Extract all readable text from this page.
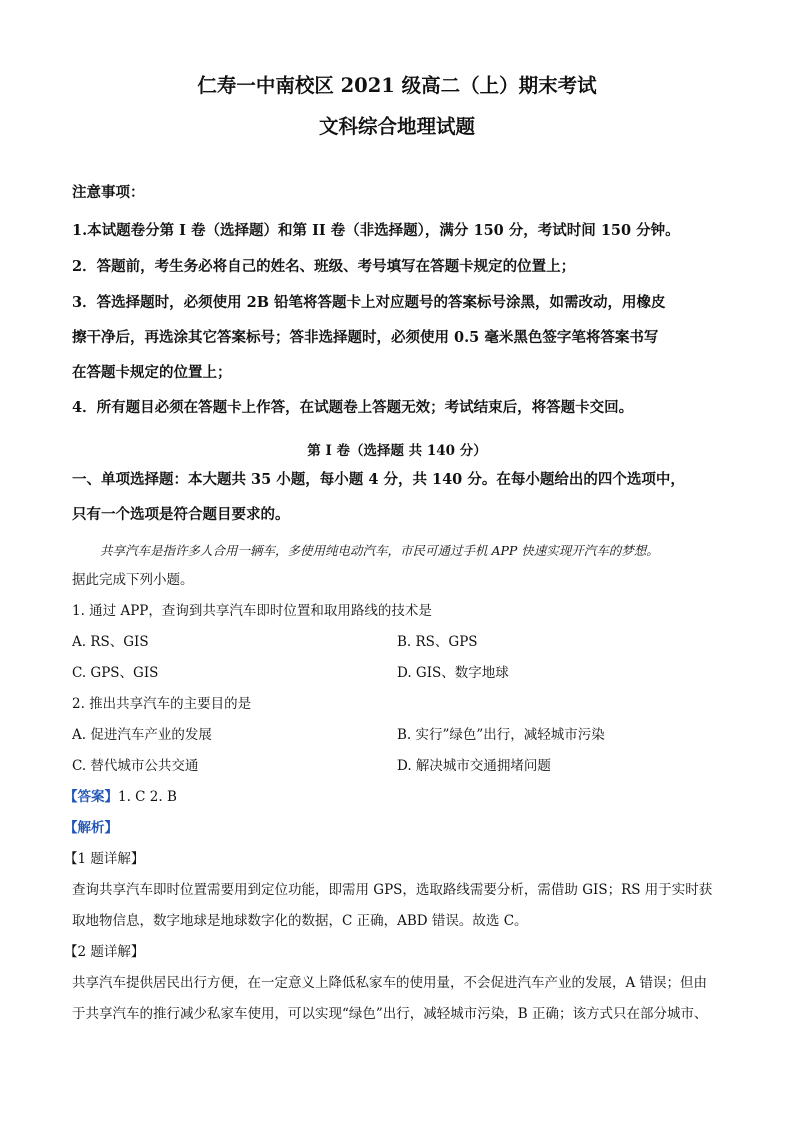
仁寿一中南校区 2021 级高二（上）期末考试
文科综合地理试题
注意事项：
1.本试题卷分第 I 卷（选择题）和第 II 卷（非选择题），满分 150 分，考试时间 150 分钟。
2．答题前，考生务必将自己的姓名、班级、考号填写在答题卡规定的位置上；
3．答选择题时，必须使用 2B 铅笔将答题卡上对应题号的答案标号涂黑，如需改动，用橡皮
擦干净后，再选涂其它答案标号；答非选择题时，必须使用 0.5 毫米黑色签字笔将答案书写
在答题卡规定的位置上；
4．所有题目必须在答题卡上作答，在试题卷上答题无效；考试结束后，将答题卡交回。
第 I 卷（选择题 共 140 分）
一、单项选择题：本大题共 35 小题，每小题 4 分，共 140 分。在每小题给出的四个选项中，
只有一个选项是符合题目要求的。
共享汽车是指许多人合用一辆车，多使用纯电动汽车，市民可通过手机 APP 快速实现开汽车的梦想。
据此完成下列小题。
1. 通过 APP，查询到共享汽车即时位置和取用路线的技术是
A. RS、GIS	B. RS、GPS
C. GPS、GIS	D. GIS、数字地球
2. 推出共享汽车的主要目的是
A. 促进汽车产业的发展	B. 实行”绿色”出行，减轻城市污染
C. 替代城市公共交通	D. 解决城市交通拥堵问题
【答案】1. C 2. B
【解析】
【1 题详解】
查询共享汽车即时位置需要用到定位功能，即需用 GPS，选取路线需要分析，需借助 GIS；RS 用于实时获
取地物信息，数字地球是地球数字化的数据，C 正确，ABD 错误。故选 C。
【2 题详解】
共享汽车提供居民出行方便，在一定意义上降低私家车的使用量，不会促进汽车产业的发展，A 错误；但由
于共享汽车的推行减少私家车使用，可以实现“绿色”出行，减轻城市污染，B 正确；该方式只在部分城市、
